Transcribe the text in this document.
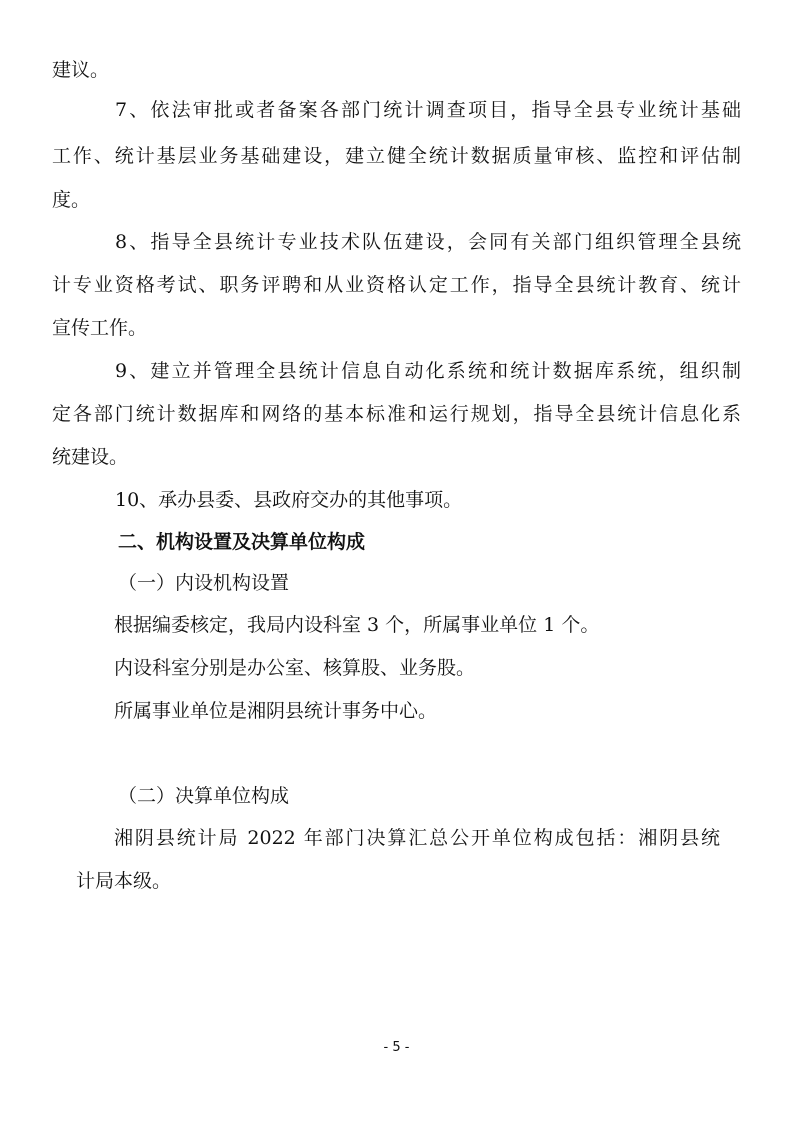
建议。

7、依法审批或者备案各部门统计调查项目，指导全县专业统计基础

工作、统计基层业务基础建设，建立健全统计数据质量审核、监控和评估制

度。

8、指导全县统计专业技术队伍建设，会同有关部门组织管理全县统

计专业资格考试、职务评聘和从业资格认定工作，指导全县统计教育、统计

宣传工作。

9、建立并管理全县统计信息自动化系统和统计数据库系统，组织制

定各部门统计数据库和网络的基本标准和运行规划，指导全县统计信息化系

统建设。

10、承办县委、县政府交办的其他事项。

二、机构设置及决算单位构成

（一）内设机构设置

根据编委核定，我局内设科室 3 个，所属事业单位 1 个。

内设科室分别是办公室、核算股、业务股。

所属事业单位是湘阴县统计事务中心。

（二）决算单位构成

湘阴县统计局 2022 年部门决算汇总公开单位构成包括：湘阴县统

计局本级。

- 5 -
